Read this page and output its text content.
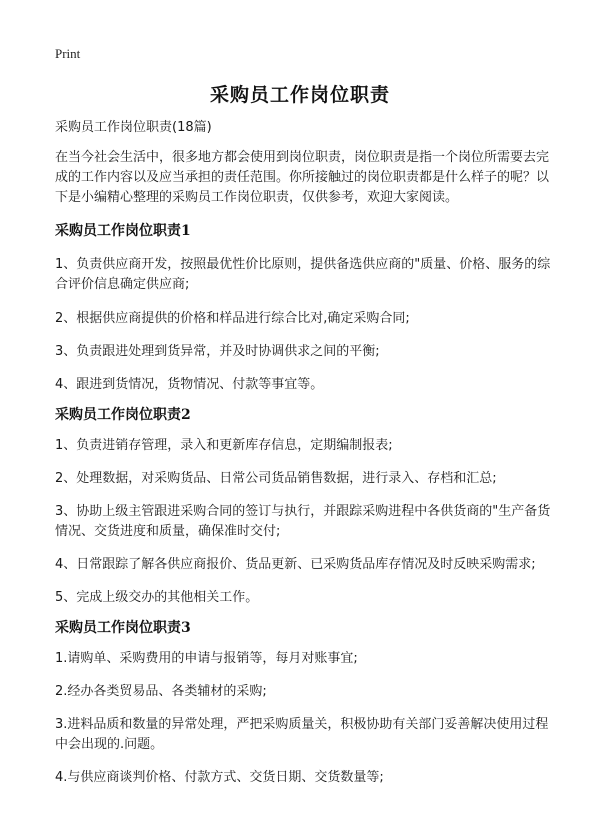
Print
采购员工作岗位职责

采购员工作岗位职责(18篇)

在当今社会生活中，很多地方都会使用到岗位职责，岗位职责是指一个岗位所需要去完成的工作内容以及应当承担的责任范围。你所接触过的岗位职责都是什么样子的呢？以下是小编精心整理的采购员工作岗位职责，仅供参考，欢迎大家阅读。

采购员工作岗位职责1

1、负责供应商开发，按照最优性价比原则，提供备选供应商的"质量、价格、服务的综合评价信息确定供应商;

2、根据供应商提供的价格和样品进行综合比对,确定采购合同;

3、负责跟进处理到货异常，并及时协调供求之间的平衡;

4、跟进到货情况，货物情况、付款等事宜等。

采购员工作岗位职责2

1、负责进销存管理，录入和更新库存信息，定期编制报表;

2、处理数据，对采购货品、日常公司货品销售数据，进行录入、存档和汇总;

3、协助上级主管跟进采购合同的签订与执行，并跟踪采购进程中各供货商的"生产备货情况、交货进度和质量，确保准时交付;

4、日常跟踪了解各供应商报价、货品更新、已采购货品库存情况及时反映采购需求;

5、完成上级交办的其他相关工作。

采购员工作岗位职责3

1.请购单、采购费用的申请与报销等，每月对账事宜;

2.经办各类贸易品、各类辅材的采购;

3.进料品质和数量的异常处理，严把采购质量关，积极协助有关部门妥善解决使用过程中会出现的.问题。

4.与供应商谈判价格、付款方式、交货日期、交货数量等;
